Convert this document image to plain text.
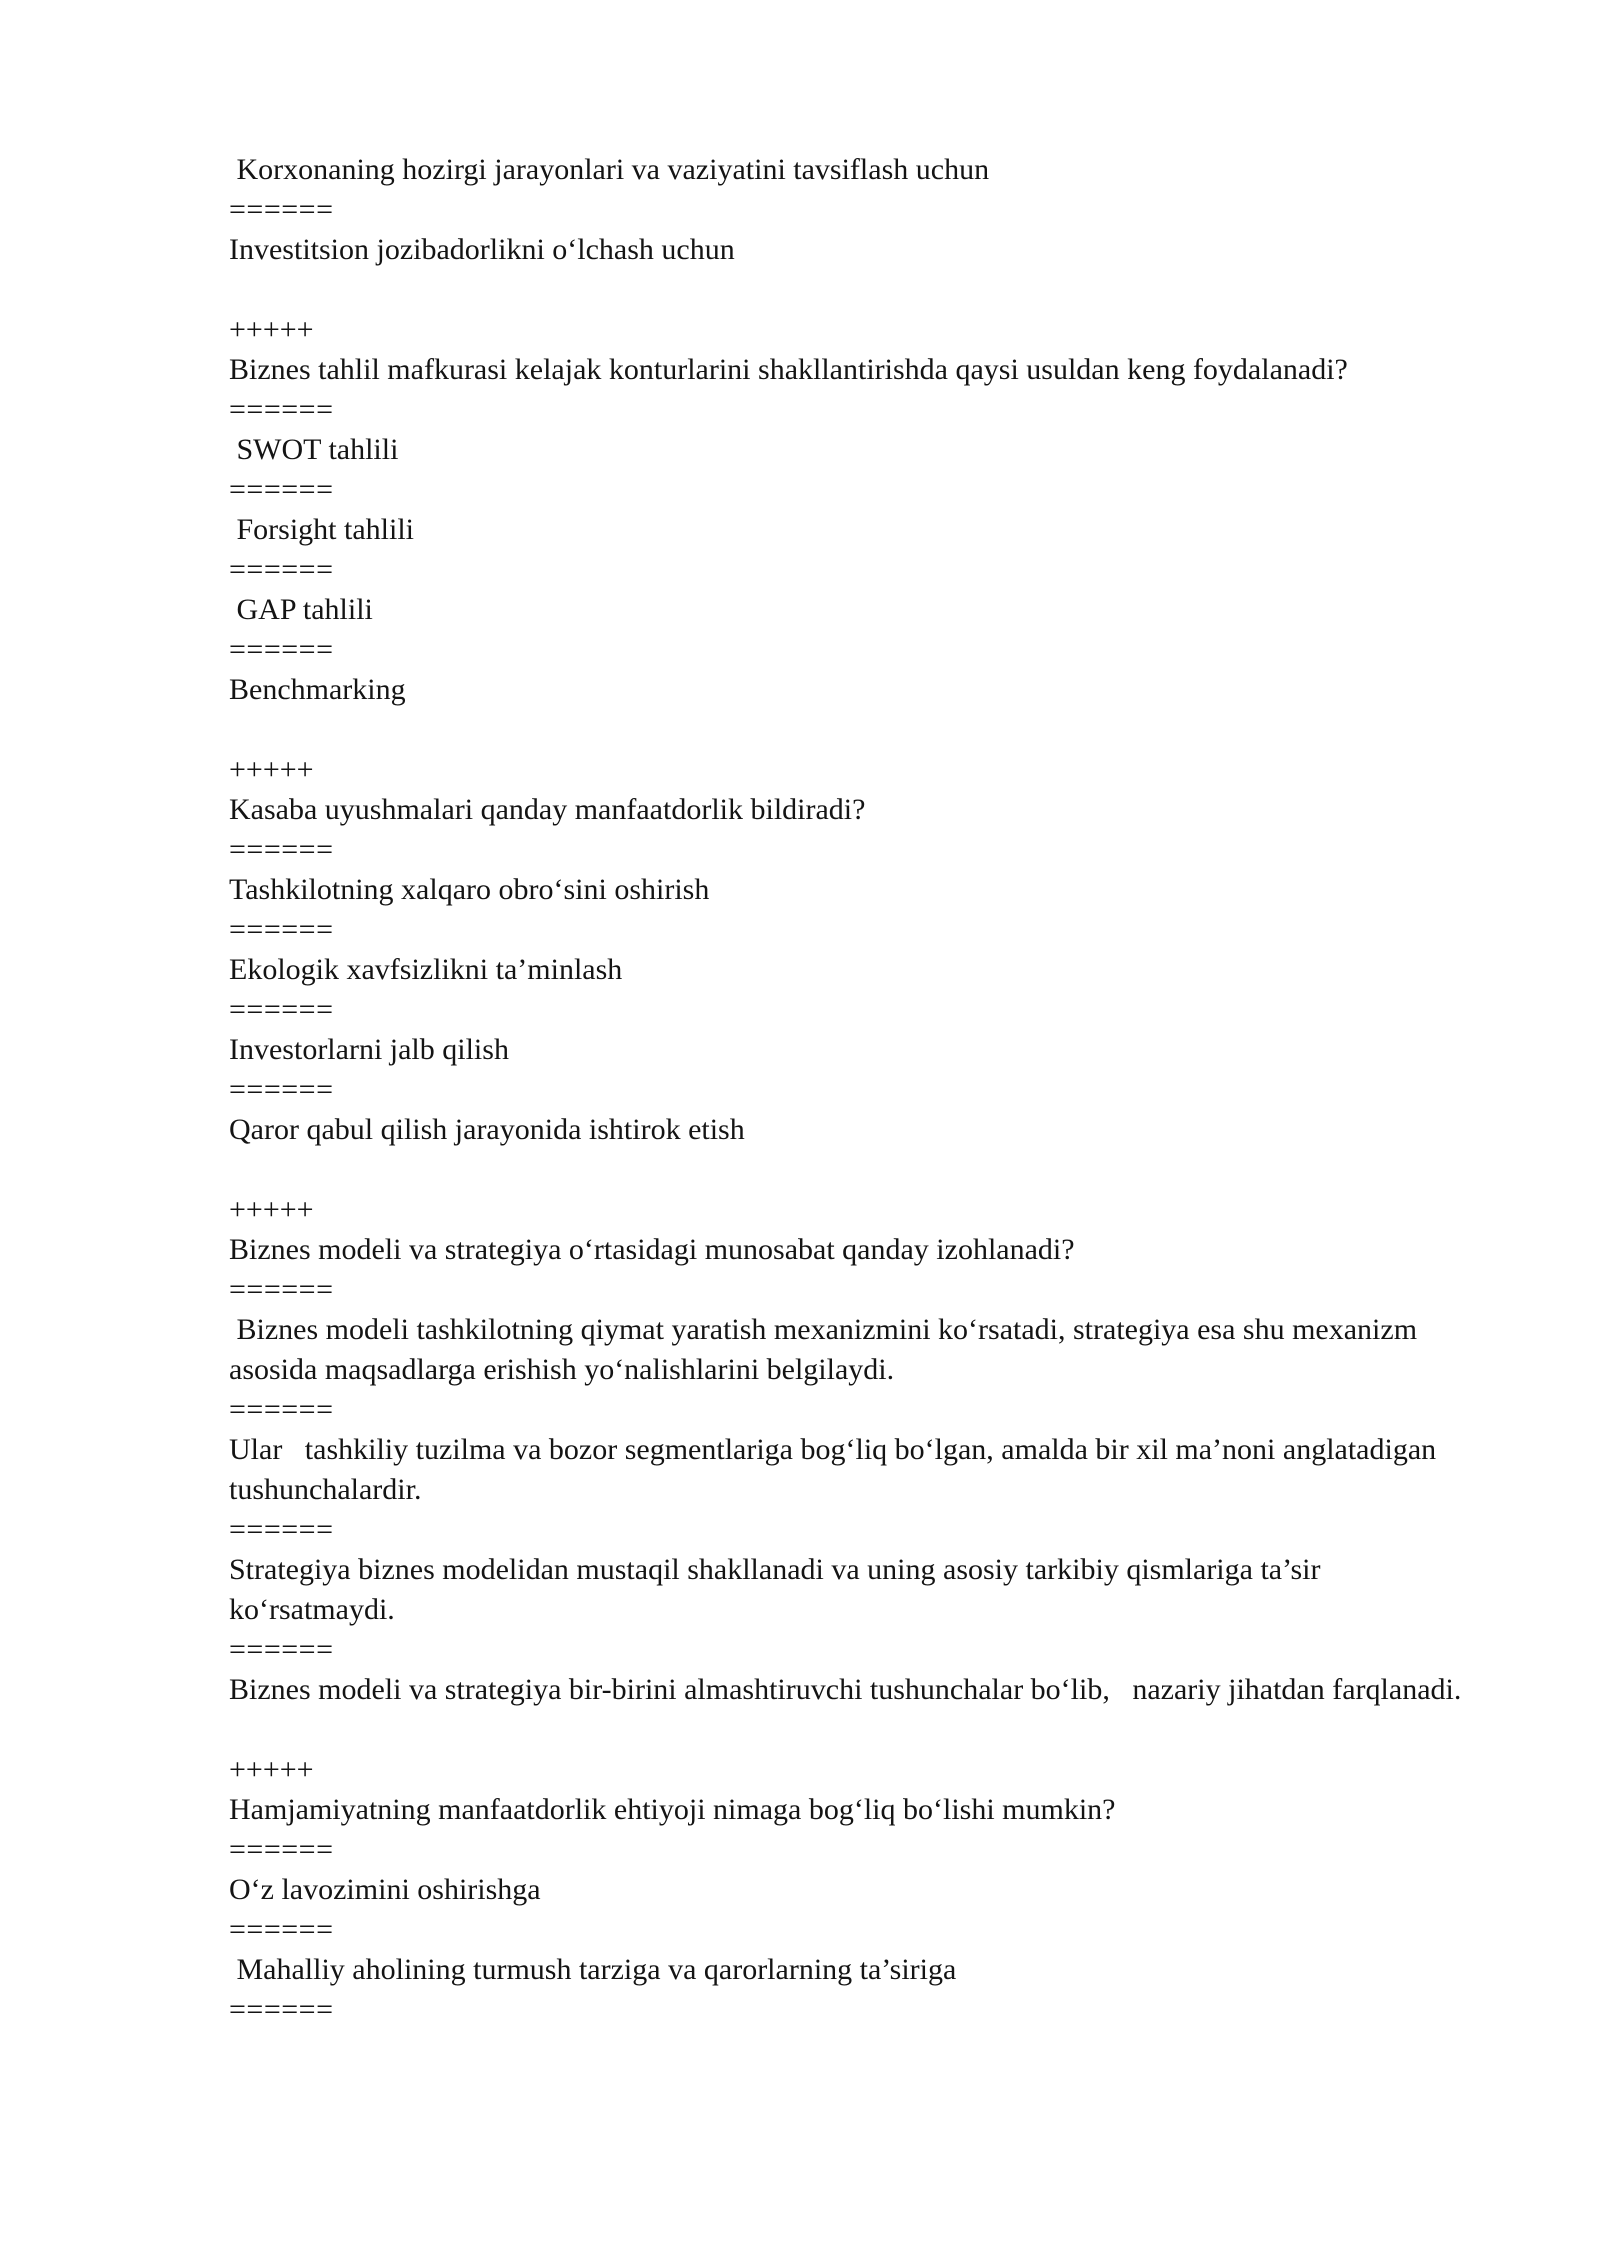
Korxonaning hozirgi jarayonlari va vaziyatini tavsiflash uchun
======
Investitsion jozibadorlikni o‘lchash uchun
+++++
Biznes tahlil mafkurasi kelajak konturlarini shakllantirishda qaysi usuldan keng foydalanadi?
======
SWOT tahlili
======
Forsight tahlili
======
GAP tahlili
======
Benchmarking
+++++
Kasaba uyushmalari qanday manfaatdorlik bildiradi?
======
Tashkilotning xalqaro obro‘sini oshirish
======
Ekologik xavfsizlikni ta’minlash
======
Investorlarni jalb qilish
======
Qaror qabul qilish jarayonida ishtirok etish
+++++
Biznes modeli va strategiya o‘rtasidagi munosabat qanday izohlanadi?
======
Biznes modeli tashkilotning qiymat yaratish mexanizmini ko‘rsatadi, strategiya esa shu mexanizm asosida maqsadlarga erishish yo‘nalishlarini belgilaydi.
======
Ular   tashkiliy tuzilma va bozor segmentlariga bog‘liq bo‘lgan, amalda bir xil ma’noni anglatadigan tushunchalardir.
======
Strategiya biznes modelidan mustaqil shakllanadi va uning asosiy tarkibiy qismlariga ta’sir ko‘rsatmaydi.
======
Biznes modeli va strategiya bir-birini almashtiruvchi tushunchalar bo‘lib,   nazariy jihatdan farqlanadi.
+++++
Hamjamiyatning manfaatdorlik ehtiyoji nimaga bog‘liq bo‘lishi mumkin?
======
O‘z lavozimini oshirishga
======
Mahalliy aholining turmush tarziga va qarorlarning ta’siriga
======
